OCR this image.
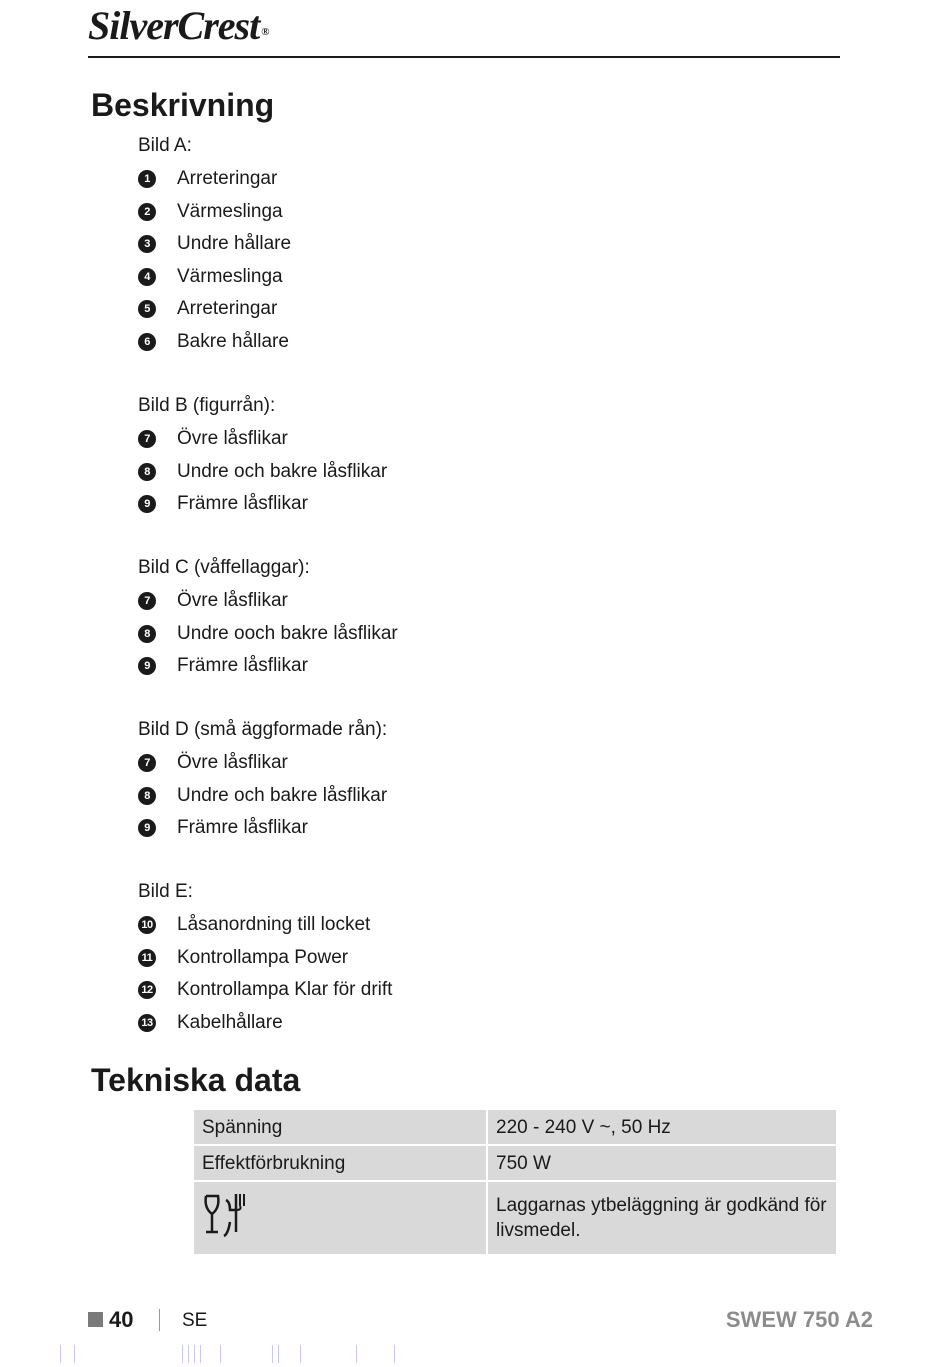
SilverCrest ®
Beskrivning
Bild A:
1	Arreteringar
2	Värmeslinga
3	Undre hållare
4	Värmeslinga
5	Arreteringar
6	Bakre hållare
Bild B (figurrån):
7	Övre låsflikar
8	Undre och bakre låsflikar
9	Främre låsflikar
Bild C (våffellaggar):
7	Övre låsflikar
8	Undre ooch bakre låsflikar
9	Främre låsflikar
Bild D (små äggformade rån):
7	Övre låsflikar
8	Undre och bakre låsflikar
9	Främre låsflikar
Bild E:
10 Låsanordning till locket
11 Kontrollampa Power
12 Kontrollampa Klar för drift
13 Kabelhållare
Tekniska data
Spänning	220 - 240 V ~, 50 Hz
Effektförbrukning	750 W
	Laggarnas ytbeläggning är godkänd för livsmedel.
40	SE	SWEW 750 A2
